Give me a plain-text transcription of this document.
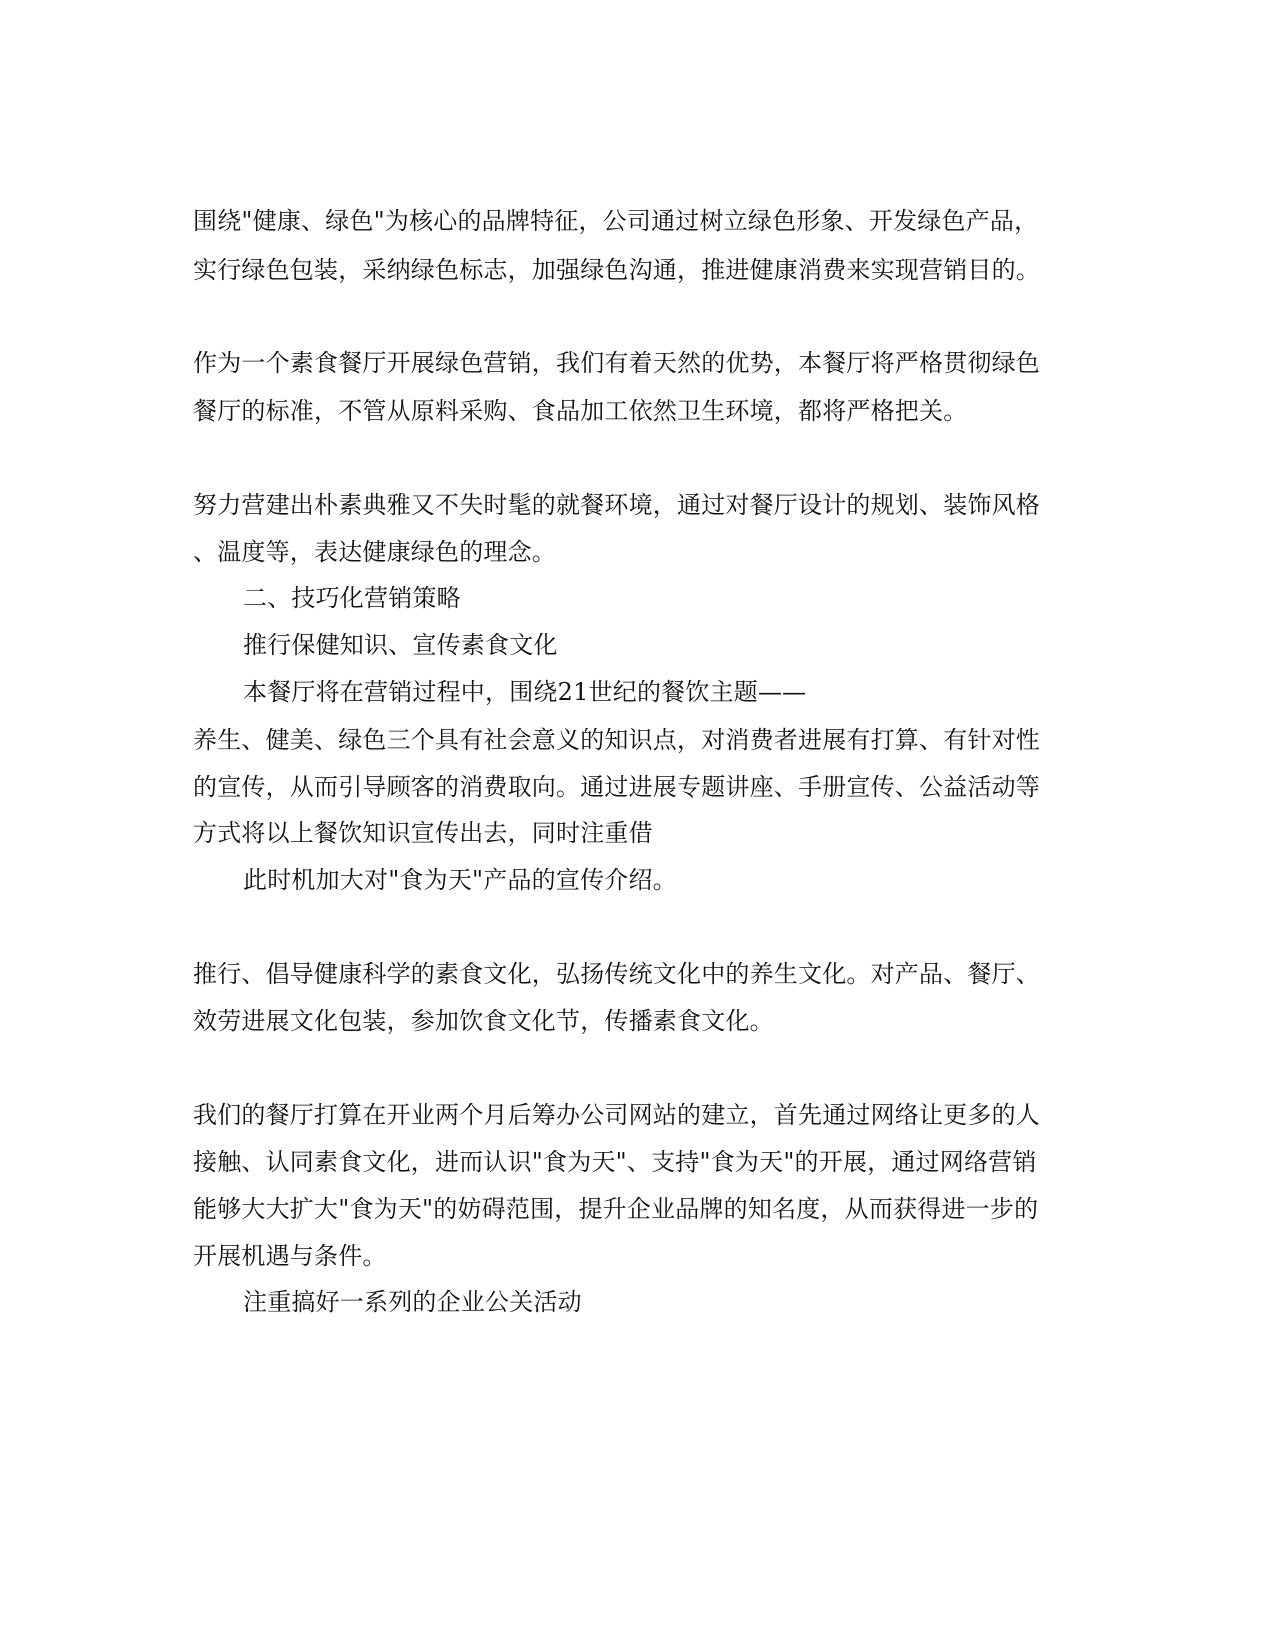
围绕"健康、绿色"为核心的品牌特征，公司通过树立绿色形象、开发绿色产品，

实行绿色包装，采纳绿色标志，加强绿色沟通，推进健康消费来实现营销目的。

作为一个素食餐厅开展绿色营销，我们有着天然的优势，本餐厅将严格贯彻绿色

餐厅的标准，不管从原料采购、食品加工依然卫生环境，都将严格把关。

努力营建出朴素典雅又不失时髦的就餐环境，通过对餐厅设计的规划、装饰风格

、温度等，表达健康绿色的理念。

二、技巧化营销策略

推行保健知识、宣传素食文化

本餐厅将在营销过程中，围绕21世纪的餐饮主题——

养生、健美、绿色三个具有社会意义的知识点，对消费者进展有打算、有针对性

的宣传，从而引导顾客的消费取向。通过进展专题讲座、手册宣传、公益活动等

方式将以上餐饮知识宣传出去，同时注重借

此时机加大对"食为天"产品的宣传介绍。

推行、倡导健康科学的素食文化，弘扬传统文化中的养生文化。对产品、餐厅、

效劳进展文化包装，参加饮食文化节，传播素食文化。

我们的餐厅打算在开业两个月后筹办公司网站的建立，首先通过网络让更多的人

接触、认同素食文化，进而认识"食为天"、支持"食为天"的开展，通过网络营销

能够大大扩大"食为天"的妨碍范围，提升企业品牌的知名度，从而获得进一步的

开展机遇与条件。

注重搞好一系列的企业公关活动
